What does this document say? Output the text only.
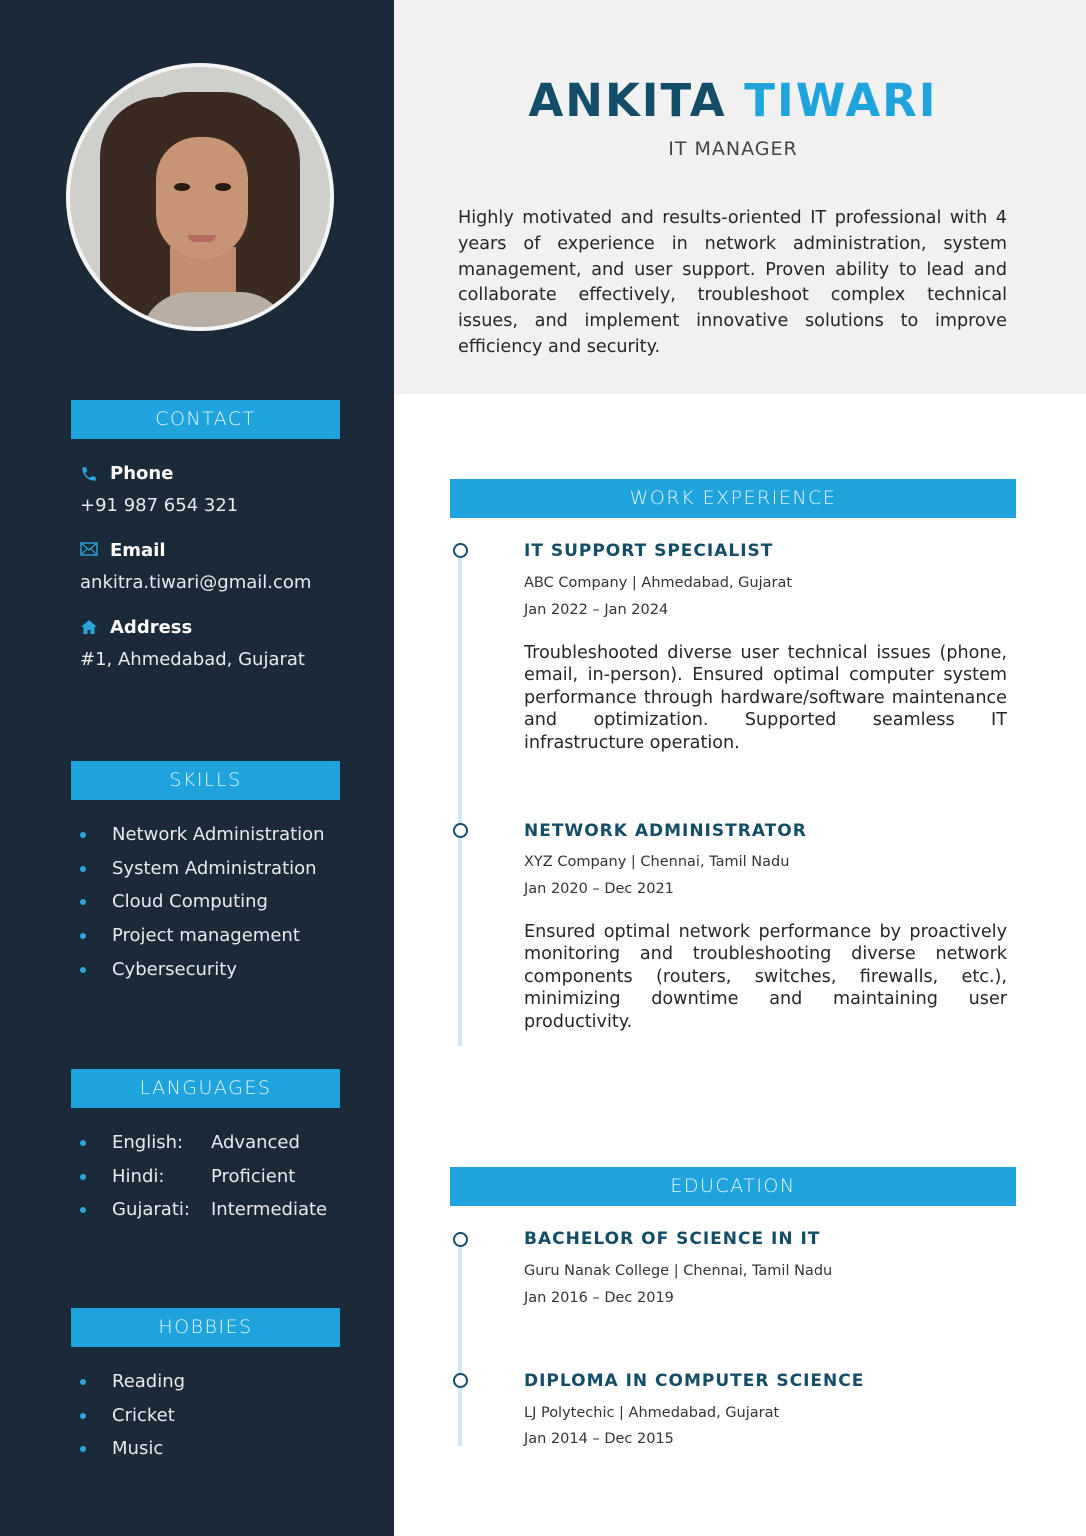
CONTACT
Phone
+91 987 654 321
Email
ankitra.tiwari@gmail.com
Address
#1, Ahmedabad, Gujarat
SKILLS
Network Administration
System Administration
Cloud Computing
Project management
Cybersecurity
LANGUAGES
English: Advanced
Hindi:	Proficient
Gujarati: Intermediate
HOBBIES
Reading
Cricket
Music
ANKITA TIWARI
IT MANAGER
Highly motivated and results-oriented IT professional with 4 years of experience in network administration, system management, and user support. Proven ability to lead and collaborate effectively, troubleshoot complex technical issues, and implement innovative solutions to improve efficiency and security.
WORK EXPERIENCE
IT SUPPORT SPECIALIST
ABC Company | Ahmedabad, Gujarat
Jan 2022 – Jan 2024
Troubleshooted diverse user technical issues (phone, email, in-person). Ensured optimal computer system performance through hardware/software maintenance and optimization. Supported seamless IT infrastructure operation.
NETWORK ADMINISTRATOR
XYZ Company | Chennai, Tamil Nadu
Jan 2020 – Dec 2021
Ensured optimal network performance by proactively monitoring and troubleshooting diverse network components (routers, switches, firewalls, etc.), minimizing downtime and maintaining user productivity.
EDUCATION
BACHELOR OF SCIENCE IN IT
Guru Nanak College | Chennai, Tamil Nadu
Jan 2016 – Dec 2019
DIPLOMA IN COMPUTER SCIENCE
LJ Polytechic | Ahmedabad, Gujarat
Jan 2014 – Dec 2015
